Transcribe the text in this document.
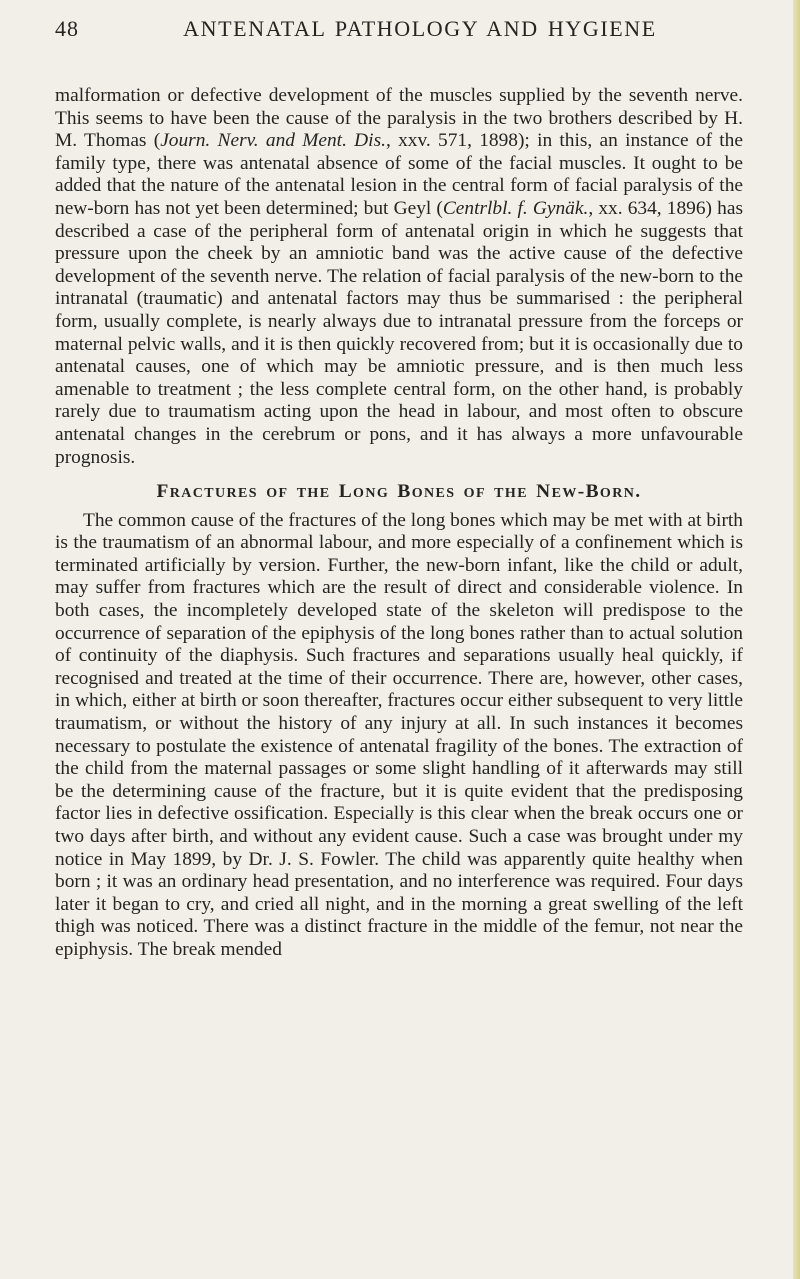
48	ANTENATAL PATHOLOGY AND HYGIENE

malformation or defective development of the muscles supplied by the seventh nerve. This seems to have been the cause of the paralysis in the two brothers described by H. M. Thomas (Journ. Nerv. and Ment. Dis., xxv. 571, 1898); in this, an instance of the family type, there was antenatal absence of some of the facial muscles. It ought to be added that the nature of the antenatal lesion in the central form of facial paralysis of the new-born has not yet been determined; but Geyl (Centrlbl. f. Gynäk., xx. 634, 1896) has described a case of the peripheral form of antenatal origin in which he suggests that pressure upon the cheek by an amniotic band was the active cause of the defective development of the seventh nerve. The relation of facial paralysis of the new-born to the intranatal (traumatic) and antenatal factors may thus be summarised : the peripheral form, usually complete, is nearly always due to intranatal pressure from the forceps or maternal pelvic walls, and it is then quickly recovered from; but it is occasionally due to antenatal causes, one of which may be amniotic pressure, and is then much less amenable to treatment ; the less complete central form, on the other hand, is probably rarely due to traumatism acting upon the head in labour, and most often to obscure antenatal changes in the cerebrum or pons, and it has always a more unfavourable prognosis.

Fractures of the Long Bones of the New-Born.

The common cause of the fractures of the long bones which may be met with at birth is the traumatism of an abnormal labour, and more especially of a confinement which is terminated artificially by version. Further, the new-born infant, like the child or adult, may suffer from fractures which are the result of direct and considerable violence. In both cases, the incompletely developed state of the skeleton will predispose to the occurrence of separation of the epiphysis of the long bones rather than to actual solution of continuity of the diaphysis. Such fractures and separations usually heal quickly, if recognised and treated at the time of their occurrence. There are, however, other cases, in which, either at birth or soon thereafter, fractures occur either subsequent to very little traumatism, or without the history of any injury at all. In such instances it becomes necessary to postulate the existence of antenatal fragility of the bones. The extraction of the child from the maternal passages or some slight handling of it afterwards may still be the determining cause of the fracture, but it is quite evident that the predisposing factor lies in defective ossification. Especially is this clear when the break occurs one or two days after birth, and without any evident cause. Such a case was brought under my notice in May 1899, by Dr. J. S. Fowler. The child was apparently quite healthy when born ; it was an ordinary head presentation, and no interference was required. Four days later it began to cry, and cried all night, and in the morning a great swelling of the left thigh was noticed. There was a distinct fracture in the middle of the femur, not near the epiphysis. The break mended
